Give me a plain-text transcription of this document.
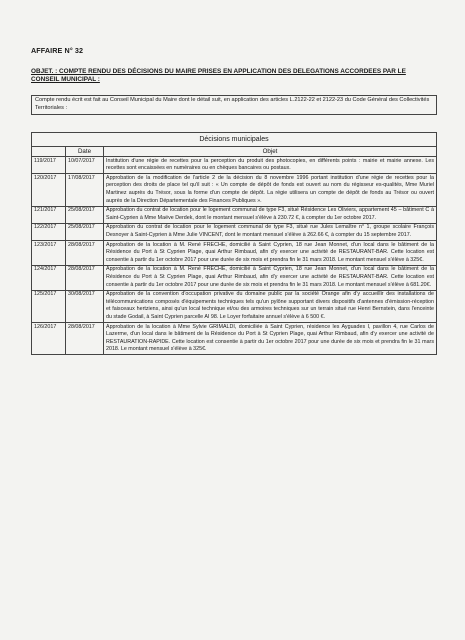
AFFAIRE N° 32
OBJET. : COMPTE RENDU DES DÉCISIONS DU MAIRE PRISES EN APPLICATION DES DELEGATIONS ACCORDEES PAR LE CONSEIL MUNICIPAL :
Compte rendu écrit est fait au Conseil Municipal du Maire dont le détail suit, en application des articles L.2122-22 et 2122-23 du Code Général des Collectivités Territoriales :
Décisions municipales		
	Date	Objet
119/2017	10/07/2017	Institution d'une régie de recettes pour la perception du produit des photocopies, en différents points : mairie et mairie annexe. Les recettes sont encaissées en numéraires ou en chèques bancaires ou postaux.
120/2017	17/08/2017	Approbation de la modification de l'article 2 de la décision du 8 novembre 1996 portant institution d'une régie de recettes pour la perception des droits de place tel qu'il suit : « Un compte de dépôt de fonds est ouvert au nom du régisseur es-qualités, Mme Muriel Martinez auprès du Trésor, sous la forme d'un compte de dépôt. La régie utilisera un compte de dépôt de fonds au Trésor ou ouvert auprès de la Direction Départementale des Finances Publiques ».
121/2017	25/08/2017	Approbation du contrat de location pour le logement communal de type F3, situé Résidence Les Oliviers, appartement 45 – bâtiment C à Saint-Cyprien à Mme Maëve Derdek, dont le montant mensuel s'élève à 230.72 €, à compter du 1er octobre 2017.
122/2017	25/08/2017	Approbation du contrat de location pour le logement communal de type F3, situé rue Jules Lemaître n° 1, groupe scolaire François Desnoyer à Saint-Cyprien à Mme Julie VINCENT, dont le montant mensuel s'élève à 262.66 €, à compter du 15 septembre 2017.
123/2017	28/08/2017	Approbation de la location à M. René FRECHE, domicilié à Saint Cyprien, 18 rue Jean Monnet, d'un local dans le bâtiment de la Résidence du Port à St Cyprien Plage, quai Arthur Rimbaud, afin d'y exercer une activité de RESTAURANT-BAR. Cette location est consentie à partir du 1er octobre 2017 pour une durée de six mois et prendra fin le 31 mars 2018. Le montant mensuel s'élève à 325€.
124/2017	28/08/2017	Approbation de la location à M. René FRECHE, domicilié à Saint Cyprien, 18 rue Jean Monnet, d'un local dans le bâtiment de la Résidence du Port à St Cyprien Plage, quai Arthur Rimbaud, afin d'y exercer une activité de RESTAURANT-BAR. Cette location est consentie à partir du 1er octobre 2017 pour une durée de six mois et prendra fin le 31 mars 2018. Le montant mensuel s'élève à 681.20€.
125/2017	30/08/2017	Approbation de la convention d'occupation privative du domaine public par la société Orange afin d'y accueillir des installations de télécommunications composés d'équipements techniques tels qu'un pylône supportant divers dispositifs d'antennes d'émission-réception et faisceaux hertziens, ainsi qu'un local technique et/ou des armoires techniques sur un terrain situé rue Henri Bernstein, dans l'enceinte du stade Godail, à Saint Cyprien parcelle AI 98. Le Loyer forfaitaire annuel s'élève à 6 500 €.
126/2017	28/08/2017	Approbation de la location à Mme Sylvie GRIMALDI, domiciliée à Saint Cyprien, résidence les Ayguades I, pavillon 4, rue Carlos de Lazerme, d'un local dans le bâtiment de la Résidence du Port à St Cyprien Plage, quai Arthur Rimbaud, afin d'y exercer une activité de RESTAURATION-RAPIDE. Cette location est consentie à partir du 1er octobre 2017 pour une durée de six mois et prendra fin le 31 mars 2018. Le montant mensuel s'élève à 325€.
